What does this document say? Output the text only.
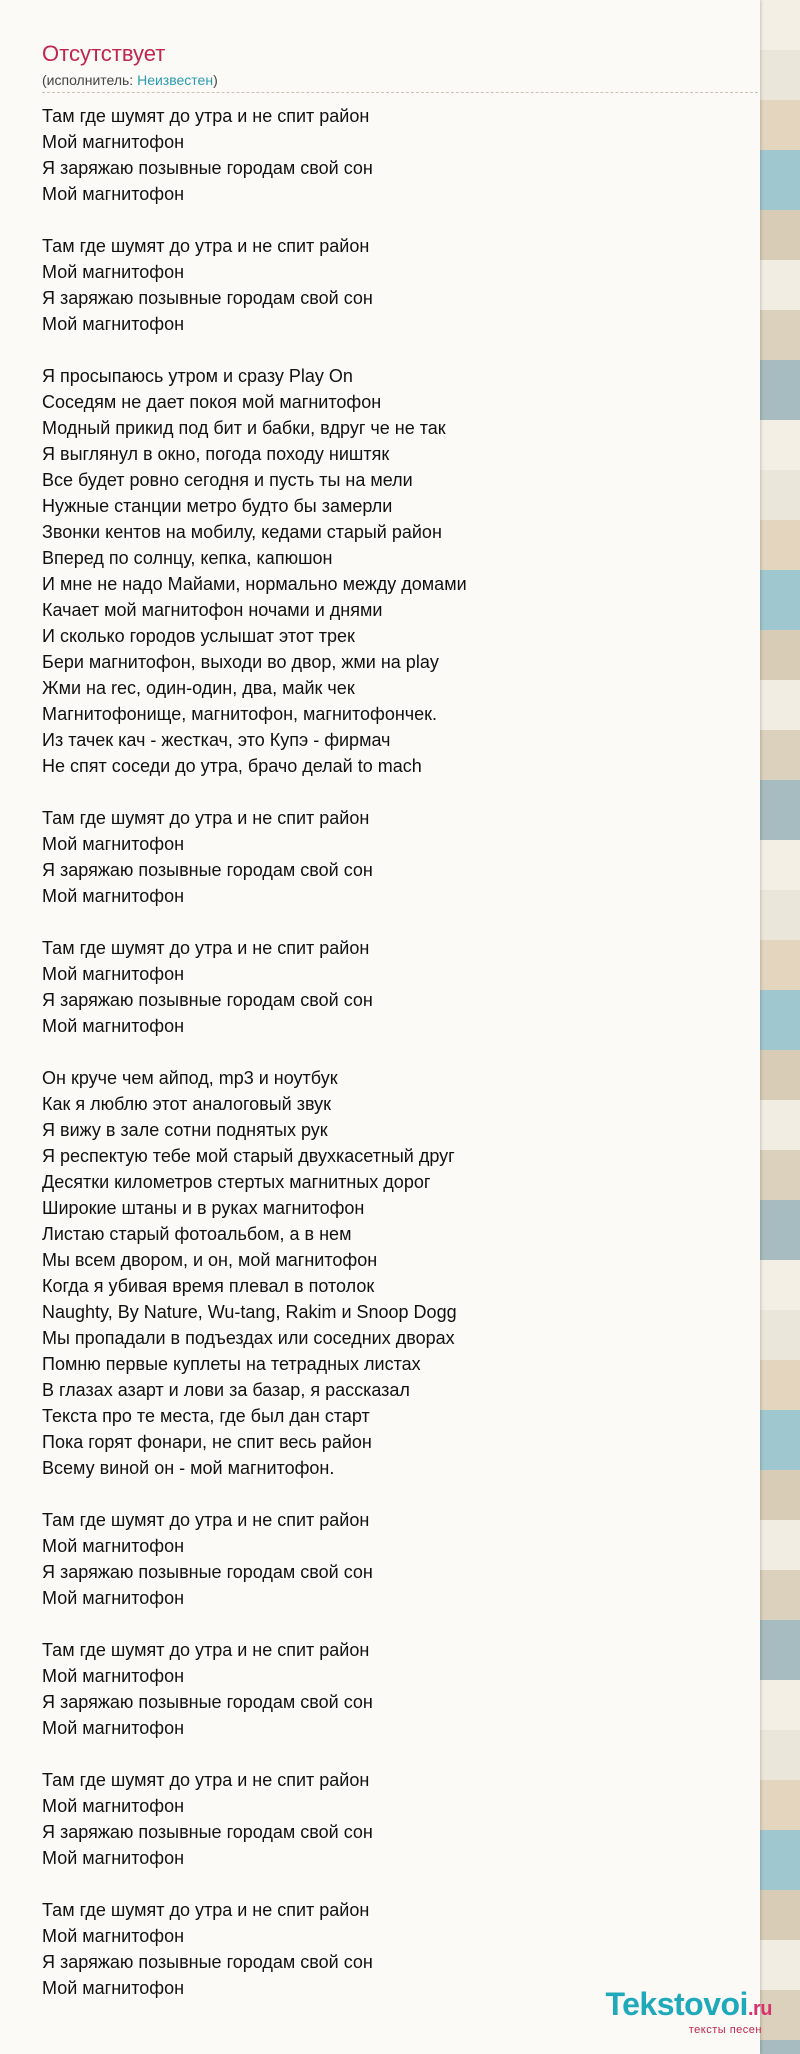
Отсутствует
(исполнитель: Неизвестен)
Там где шумят до утра и не спит район
Мой магнитофон
Я заряжаю позывные городам свой сон
Мой магнитофон
Там где шумят до утра и не спит район
Мой магнитофон
Я заряжаю позывные городам свой сон
Мой магнитофон
Я просыпаюсь утром и сразу Play On
Соседям не дает покоя мой магнитофон
Модный прикид под бит и бабки, вдруг че не так
Я выглянул в окно, погода походу ништяк
Все будет ровно сегодня и пусть ты на мели
Нужные станции метро будто бы замерли
Звонки кентов на мобилу, кедами старый район
Вперед по солнцу, кепка, капюшон
И мне не надо Майами, нормально между домами
Качает мой магнитофон ночами и днями
И сколько городов услышат этот трек
Бери магнитофон, выходи во двор, жми на play
Жми на rec, один-один, два, майк чек
Магнитофонище, магнитофон, магнитофончек.
Из тачек кач - жесткач, это Купэ - фирмач
Не спят соседи до утра, брачо делай to mach
Там где шумят до утра и не спит район
Мой магнитофон
Я заряжаю позывные городам свой сон
Мой магнитофон
Там где шумят до утра и не спит район
Мой магнитофон
Я заряжаю позывные городам свой сон
Мой магнитофон
Он круче чем айпод, mp3 и ноутбук
Как я люблю этот аналоговый звук
Я вижу в зале сотни поднятых рук
Я респектую тебе мой старый двухкасетный друг
Десятки километров стертых магнитных дорог
Широкие штаны и в руках магнитофон
Листаю старый фотоальбом, а в нем
Мы всем двором, и он, мой магнитофон
Когда я убивая время плевал в потолок
Naughty, By Nature, Wu-tang, Rakim и Snoop Dogg
Мы пропадали в подъездах или соседних дворах
Помню первые куплеты на тетрадных листах
В глазах азарт и лови за базар, я рассказал
Текста про те места, где был дан старт
Пока горят фонари, не спит весь район
Всему виной он - мой магнитофон.
Там где шумят до утра и не спит район
Мой магнитофон
Я заряжаю позывные городам свой сон
Мой магнитофон
Там где шумят до утра и не спит район
Мой магнитофон
Я заряжаю позывные городам свой сон
Мой магнитофон
Там где шумят до утра и не спит район
Мой магнитофон
Я заряжаю позывные городам свой сон
Мой магнитофон
Там где шумят до утра и не спит район
Мой магнитофон
Я заряжаю позывные городам свой сон
Мой магнитофон	Tekstovoi.ru
тексты песен
